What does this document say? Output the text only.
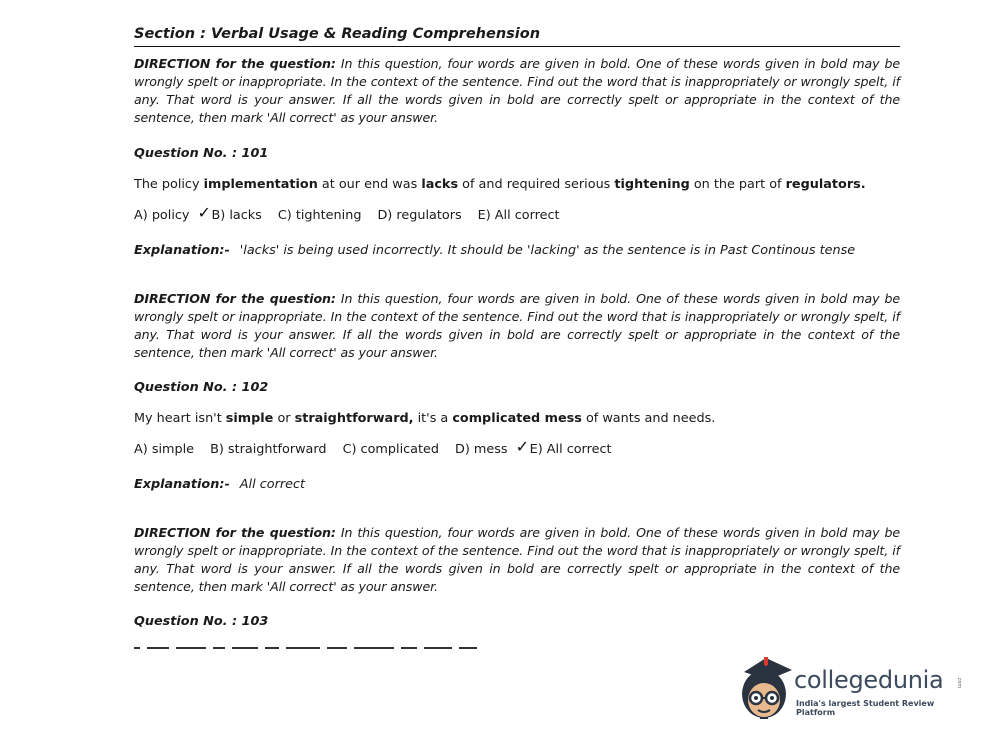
Section : Verbal Usage & Reading Comprehension
DIRECTION for the question: In this question, four words are given in bold. One of these words given in bold may be wrongly spelt or inappropriate. In the context of the sentence. Find out the word that is inappropriately or wrongly spelt, if any. That word is your answer. If all the words given in bold are correctly spelt or appropriate in the context of the sentence, then mark 'All correct' as your answer.
Question No. : 101
The policy implementation at our end was lacks of and required serious tightening on the part of regulators.
A) policy ✓ B) lacks C) tightening D) regulators E) All correct
Explanation:- 'lacks' is being used incorrectly. It should be 'lacking' as the sentence is in Past Continous tense
DIRECTION for the question: In this question, four words are given in bold. One of these words given in bold may be wrongly spelt or inappropriate. In the context of the sentence. Find out the word that is inappropriately or wrongly spelt, if any. That word is your answer. If all the words given in bold are correctly spelt or appropriate in the context of the sentence, then mark 'All correct' as your answer.
Question No. : 102
My heart isn't simple or straightforward, it's a complicated mess of wants and needs.
A) simple B) straightforward C) complicated D) mess ✓ E) All correct
Explanation:- All correct
DIRECTION for the question: In this question, four words are given in bold. One of these words given in bold may be wrongly spelt or inappropriate. In the context of the sentence. Find out the word that is inappropriately or wrongly spelt, if any. That word is your answer. If all the words given in bold are correctly spelt or appropriate in the context of the sentence, then mark 'All correct' as your answer.
Question No. : 103
collegedunia	.com
India's largest Student Review Platform
